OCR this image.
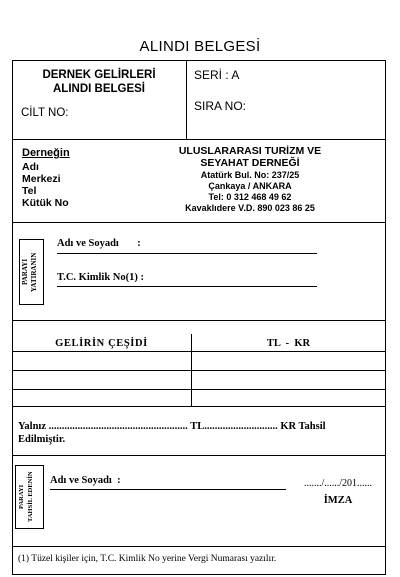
ALINDI BELGESİ
DERNEK GELİRLERİ
ALINDI BELGESİ
CİLT NO:
SERİ : A
SIRA NO:
Derneğin
Adı
Merkezi
Tel
Kütük No
ULUSLARARASI TURİZM VE
SEYAHAT DERNEĞİ
Atatürk Bul. No: 237/25
Çankaya / ANKARA
Tel: 0 312 468 49 62
Kavaklıdere V.D. 890 023 86 25
PARAYI
YATIRANIN
Adı ve Soyadı       :
T.C. Kimlik No(1) :
GELİRİN ÇEŞİDİ	TL  -  KR
Yalnız ..................................................... TL............................ KR Tahsil
Edilmiştir.
PARAYI
TAHSİL EDENİN	Adı ve Soyadı  :	......./....../201......
İMZA
(1) Tüzel kişiler için, T.C. Kimlik No yerine Vergi Numarası yazılır.
